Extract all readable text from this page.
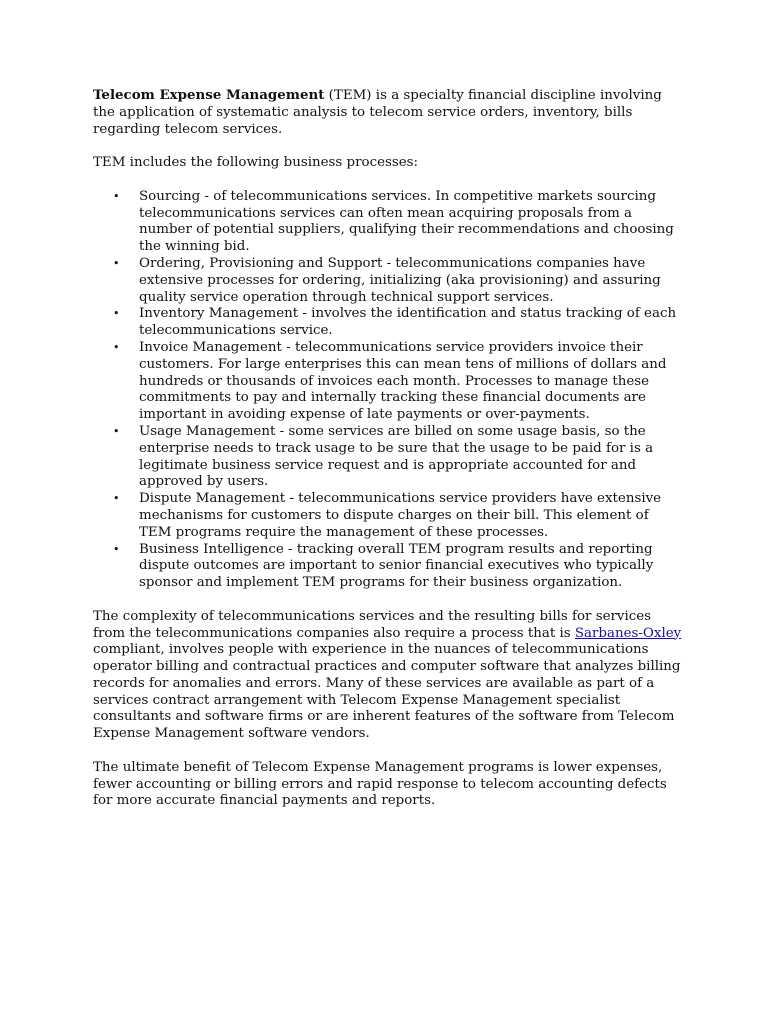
Telecom Expense Management (TEM) is a specialty financial discipline involving the application of systematic analysis to telecom service orders, inventory, bills regarding telecom services.

TEM includes the following business processes:

• Sourcing - of telecommunications services. In competitive markets sourcing telecommunications services can often mean acquiring proposals from a number of potential suppliers, qualifying their recommendations and choosing the winning bid.
• Ordering, Provisioning and Support - telecommunications companies have extensive processes for ordering, initializing (aka provisioning) and assuring quality service operation through technical support services.
• Inventory Management - involves the identification and status tracking of each telecommunications service.
• Invoice Management - telecommunications service providers invoice their customers. For large enterprises this can mean tens of millions of dollars and hundreds or thousands of invoices each month. Processes to manage these commitments to pay and internally tracking these financial documents are important in avoiding expense of late payments or over-payments.
• Usage Management - some services are billed on some usage basis, so the enterprise needs to track usage to be sure that the usage to be paid for is a legitimate business service request and is appropriate accounted for and approved by users.
• Dispute Management - telecommunications service providers have extensive mechanisms for customers to dispute charges on their bill. This element of TEM programs require the management of these processes.
• Business Intelligence - tracking overall TEM program results and reporting dispute outcomes are important to senior financial executives who typically sponsor and implement TEM programs for their business organization.

The complexity of telecommunications services and the resulting bills for services from the telecommunications companies also require a process that is Sarbanes-Oxley compliant, involves people with experience in the nuances of telecommunications operator billing and contractual practices and computer software that analyzes billing records for anomalies and errors. Many of these services are available as part of a services contract arrangement with Telecom Expense Management specialist consultants and software firms or are inherent features of the software from Telecom Expense Management software vendors.

The ultimate benefit of Telecom Expense Management programs is lower expenses, fewer accounting or billing errors and rapid response to telecom accounting defects for more accurate financial payments and reports.
